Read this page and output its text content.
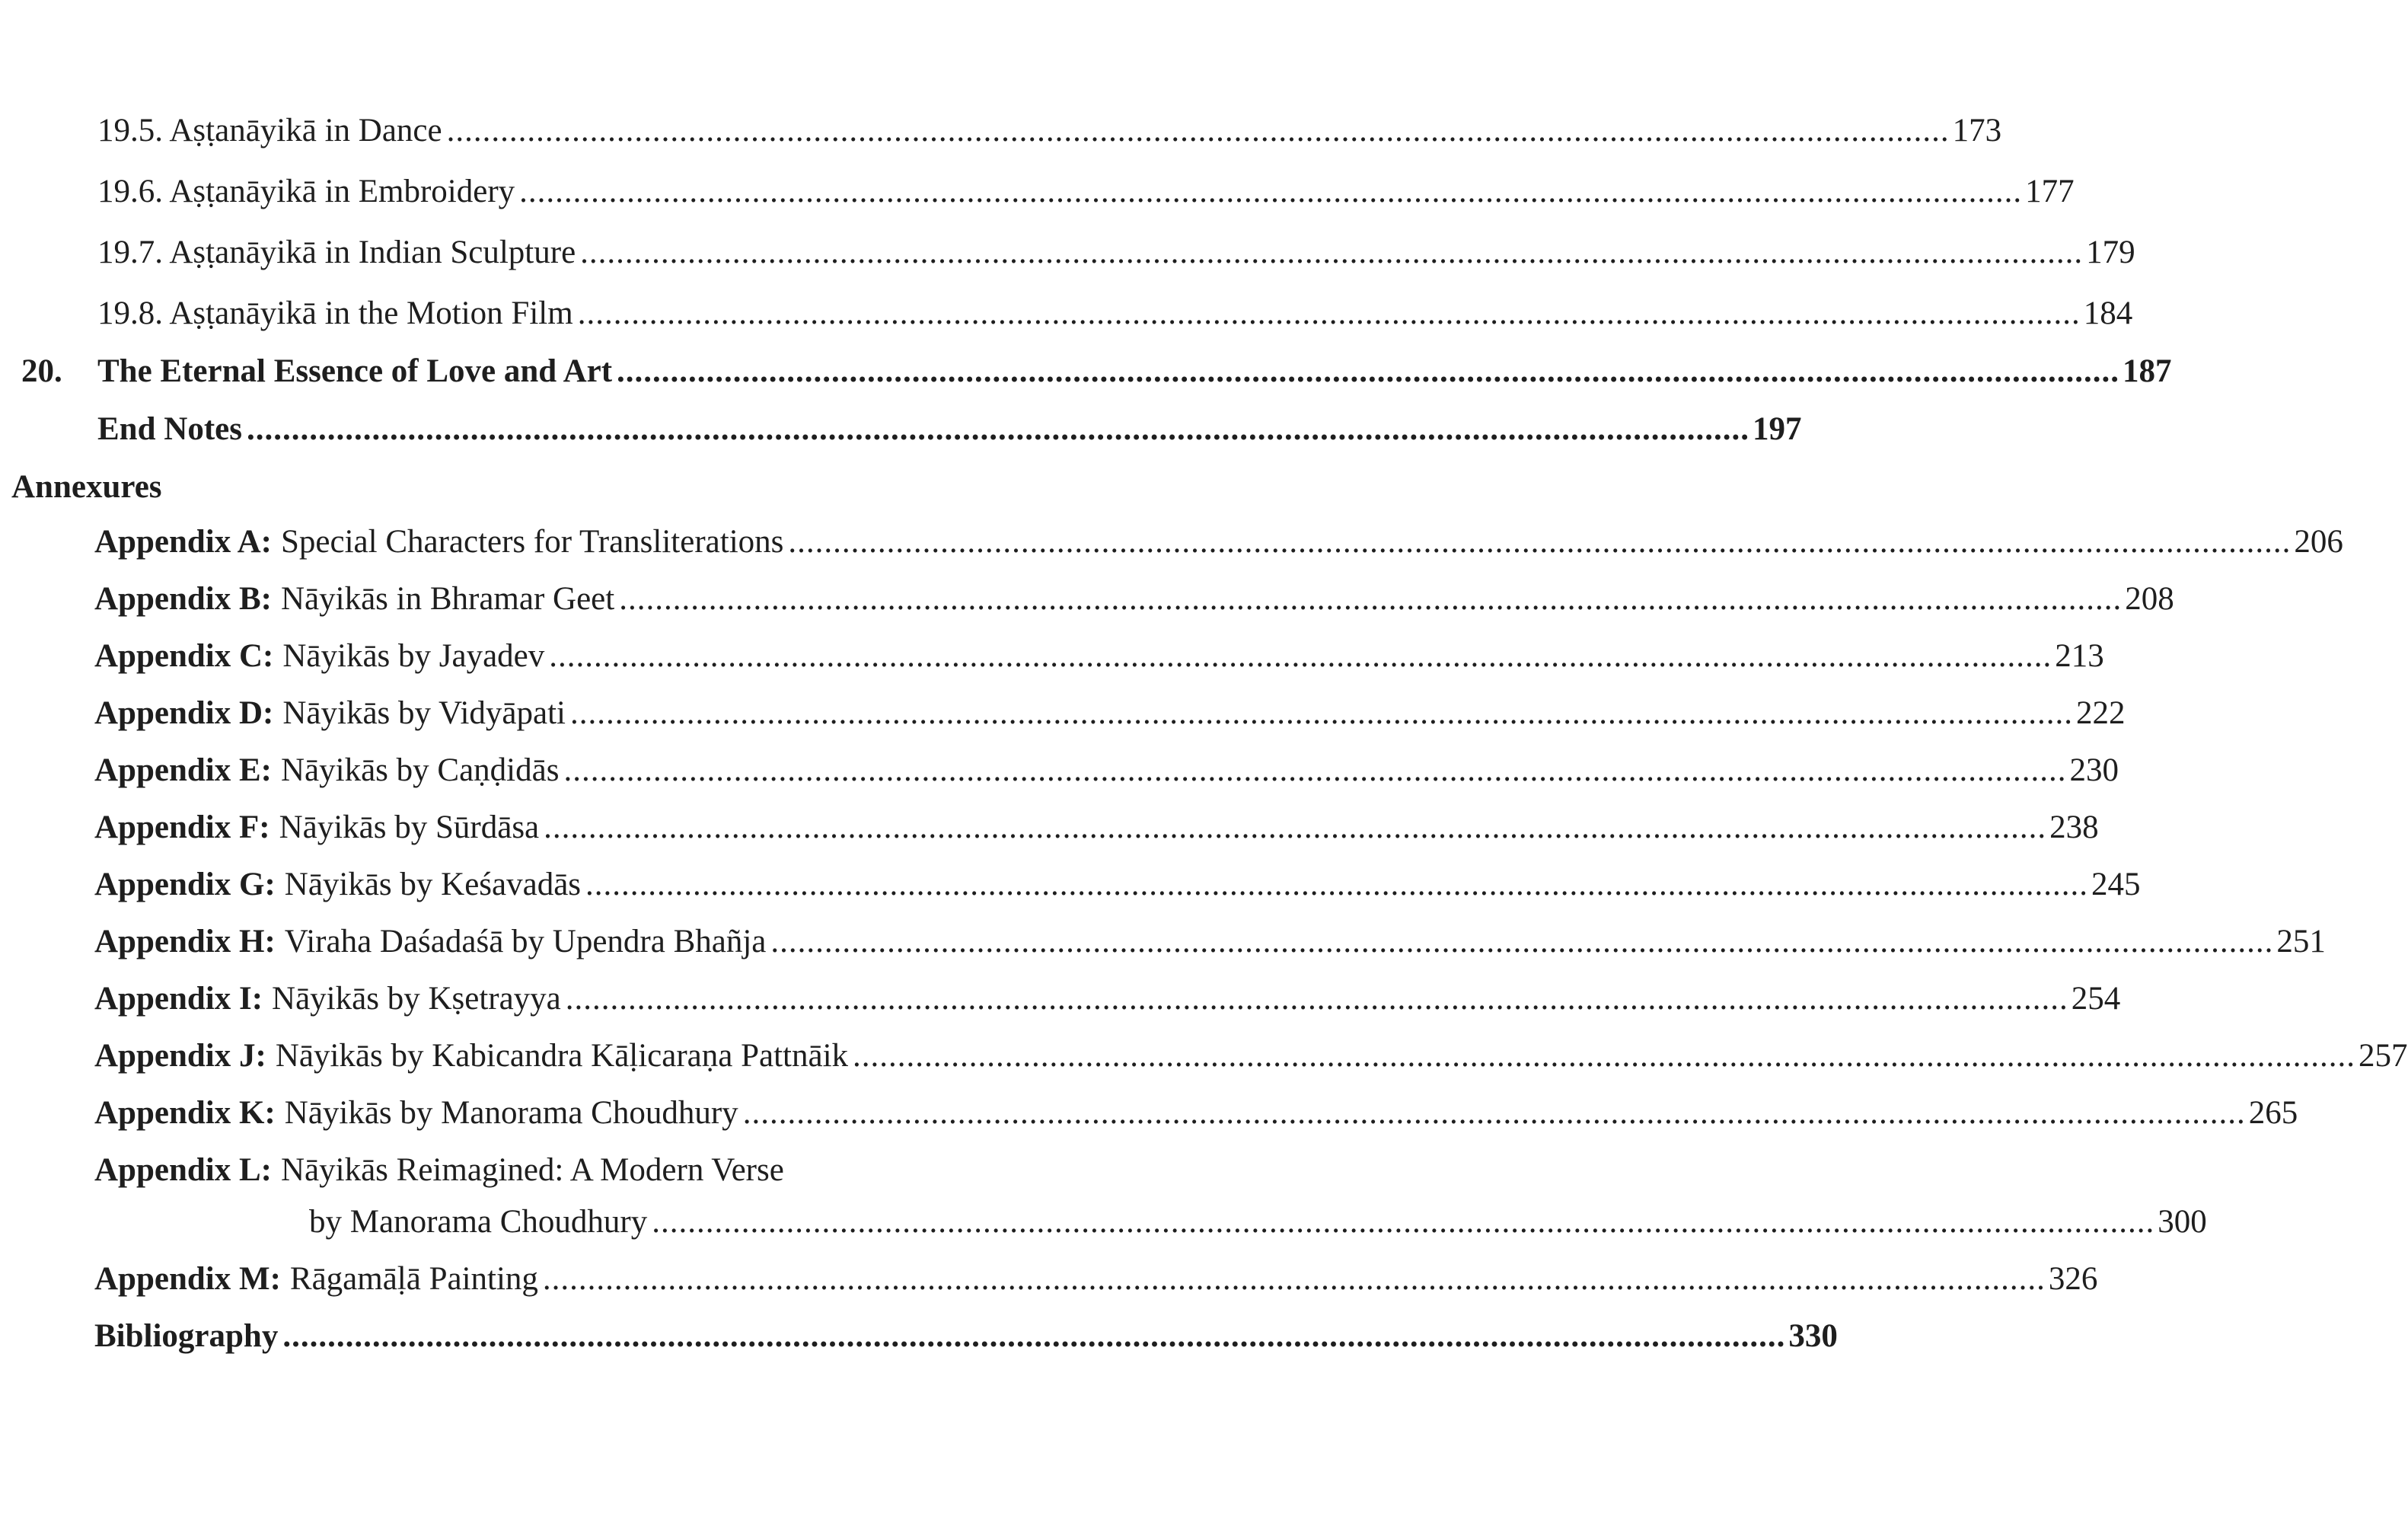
19.5. Aṣṭanāyikā in Dance ........................................................................................................................................................................ 173
19.6. Aṣṭanāyikā in Embroidery ........................................................................................................................................................................ 177
19.7. Aṣṭanāyikā in Indian Sculpture ........................................................................................................................................................................ 179
19.8. Aṣṭanāyikā in the Motion Film ........................................................................................................................................................................ 184
20. The Eternal Essence of Love and Art ........................................................................................................................................................................ 187
End Notes ........................................................................................................................................................................ 197
Annexures
Appendix A: Special Characters for Transliterations ........................................................................................................................................................................ 206
Appendix B: Nāyikās in Bhramar Geet ........................................................................................................................................................................ 208
Appendix C: Nāyikās by Jayadev ........................................................................................................................................................................ 213
Appendix D: Nāyikās by Vidyāpati ........................................................................................................................................................................ 222
Appendix E: Nāyikās by Caṇḍidās ........................................................................................................................................................................ 230
Appendix F: Nāyikās by Sūrdāsa ........................................................................................................................................................................ 238
Appendix G: Nāyikās by Keśavadās ........................................................................................................................................................................ 245
Appendix H: Viraha Daśadaśā by Upendra Bhañja ........................................................................................................................................................................ 251
Appendix I: Nāyikās by Kṣetrayya ........................................................................................................................................................................ 254
Appendix J: Nāyikās by Kabicandra Kāḷicaraṇa Pattnāik ........................................................................................................................................................................ 257
Appendix K: Nāyikās by Manorama Choudhury ........................................................................................................................................................................ 265
Appendix L: Nāyikās Reimagined: A Modern Verse
by Manorama Choudhury ........................................................................................................................................................................ 300
Appendix M: Rāgamāḷā Painting ........................................................................................................................................................................ 326
Bibliography ........................................................................................................................................................................ 330
